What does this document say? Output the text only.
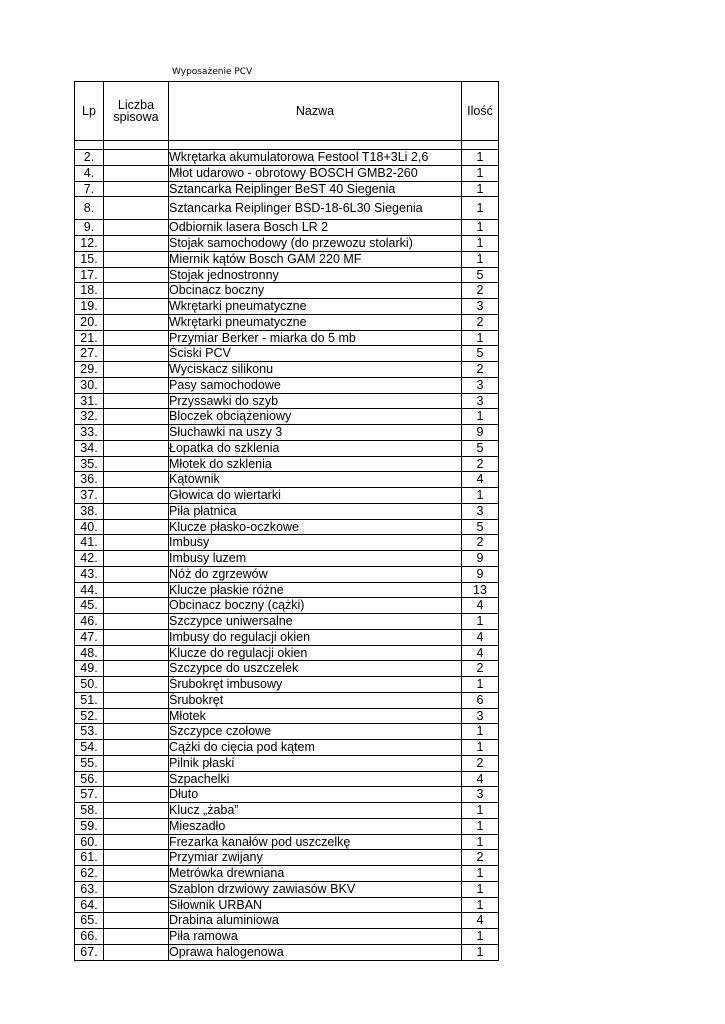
Wyposażenie PCV
Lp	Liczba spisowa	Nazwa	Ilość

2.		Wkrętarka akumulatorowa Festool T18+3Li 2,6	1
4.		Młot udarowo - obrotowy BOSCH GMB2-260	1
7.		Sztancarka Reiplinger BeST 40 Siegenia	1
8.		Sztancarka Reiplinger BSD-18-6L30 Siegenia	1
9.		Odbiornik lasera Bosch LR 2	1
12.		Stojak samochodowy (do przewozu stolarki)	1
15.		Miernik kątów Bosch GAM 220 MF	1
17.		Stojak jednostronny	5
18.		Obcinacz boczny	2
19.		Wkrętarki pneumatyczne	3
20.		Wkrętarki pneumatyczne	2
21.		Przymiar Berker - miarka do 5 mb	1
27.		Ściski PCV	5
29.		Wyciskacz silikonu	2
30.		Pasy samochodowe	3
31.		Przyssawki do szyb	3
32.		Bloczek obciążeniowy	1
33.		Słuchawki na uszy 3	9
34.		Łopatka do szklenia	5
35.		Młotek do szklenia	2
36.		Kątownik	4
37.		Głowica do wiertarki	1
38.		Piła płatnica	3
40.		Klucze płasko-oczkowe	5
41.		Imbusy	2
42.		Imbusy luzem	9
43.		Nóż do zgrzewów	9
44.		Klucze płaskie różne	13
45.		Obcinacz boczny (cążki)	4
46.		Szczypce uniwersalne	1
47.		Imbusy do regulacji okien	4
48.		Klucze do regulacji okien	4
49.		Szczypce do uszczelek	2
50.		Śrubokręt imbusowy	1
51.		Śrubokręt	6
52.		Młotek	3
53.		Szczypce czołowe	1
54.		Cążki do cięcia pod kątem	1
55.		Pilnik płaski	2
56.		Szpachelki	4
57.		Dłuto	3
58.		Klucz „żaba”	1
59.		Mieszadło	1
60.		Frezarka kanałów pod uszczelkę	1
61.		Przymiar zwijany	2
62.		Metrówka drewniana	1
63.		Szablon drzwiowy zawiasów BKV	1
64.		Siłownik URBAN	1
65.		Drabina aluminiowa	4
66.		Piła ramowa	1
67.		Oprawa halogenowa	1
